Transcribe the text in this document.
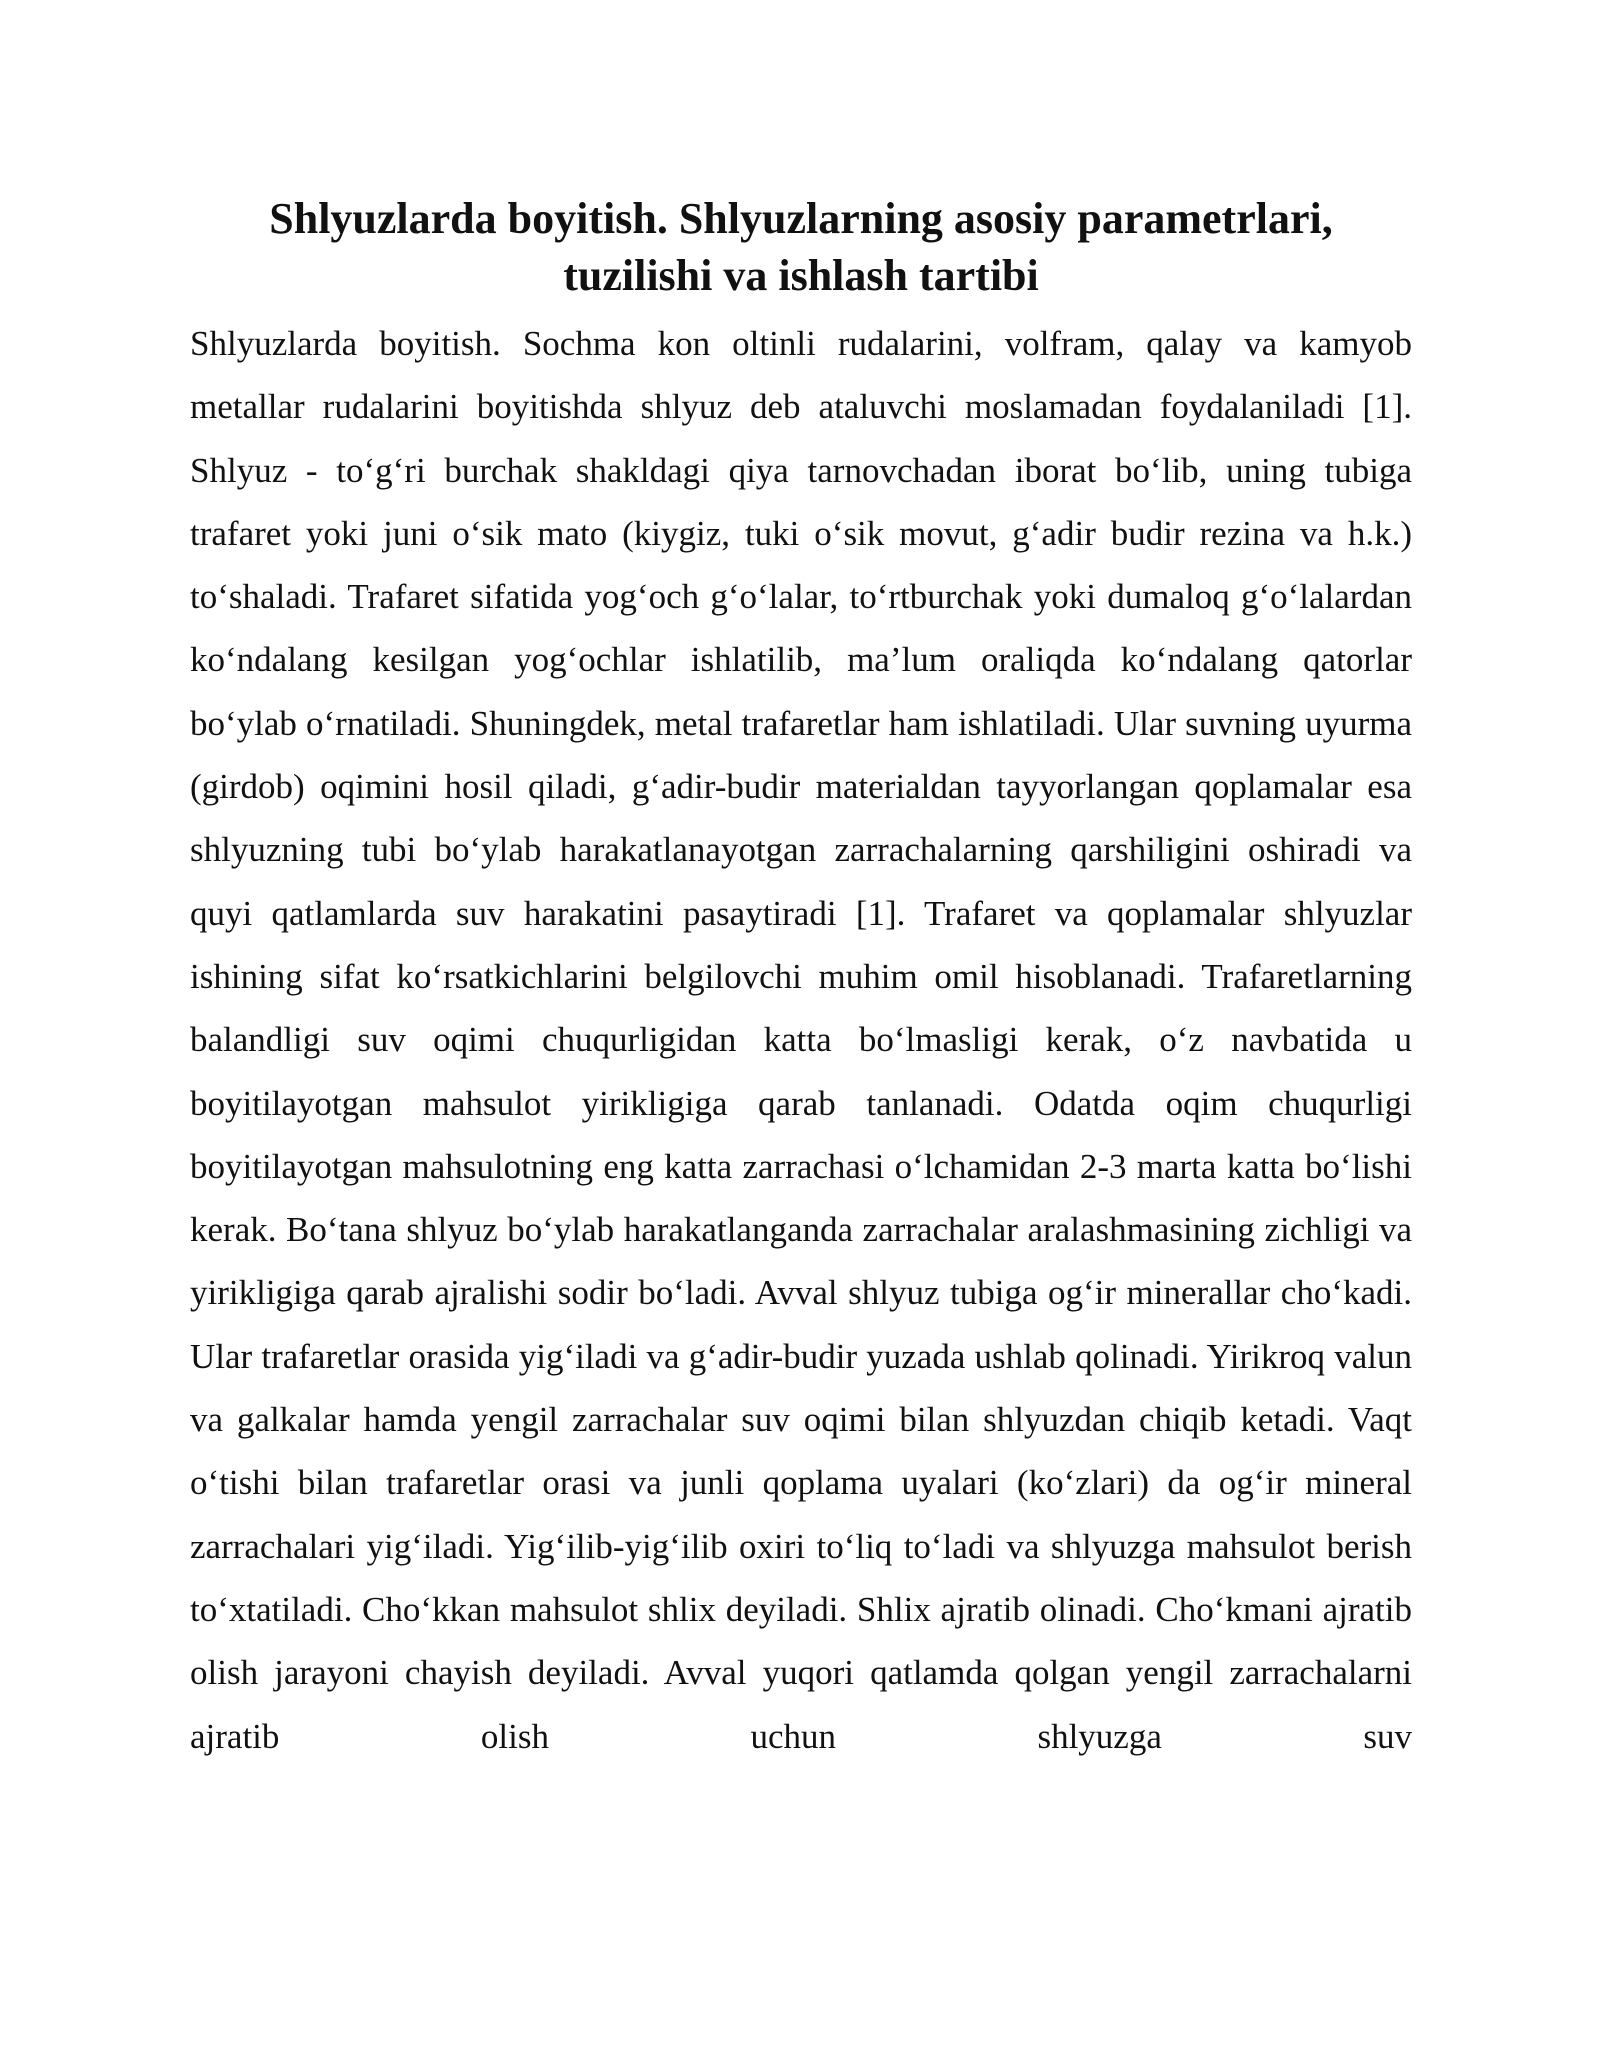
Shlyuzlarda boyitish. Shlyuzlarning asosiy parametrlari,
tuzilishi va ishlash tartibi

Shlyuzlarda boyitish. Sochma kon oltinli rudalarini, volfram, qalay va kamyob metallar rudalarini boyitishda shlyuz deb ataluvchi moslamadan foydalaniladi [1]. Shlyuz - to‘g‘ri burchak shakldagi qiya tarnovchadan iborat bo‘lib, uning tubiga trafaret yoki juni o‘sik mato (kiygiz, tuki o‘sik movut, g‘adir budir rezina va h.k.) to‘shaladi. Trafaret sifatida yog‘och g‘o‘lalar, to‘rtburchak yoki dumaloq g‘o‘lalardan ko‘ndalang kesilgan yog‘ochlar ishlatilib, ma’lum oraliqda ko‘ndalang qatorlar bo‘ylab o‘rnatiladi. Shuningdek, metal trafaretlar ham ishlatiladi. Ular suvning uyurma (girdob) oqimini hosil qiladi, g‘adir-budir materialdan tayyorlangan qoplamalar esa shlyuzning tubi bo‘ylab harakatlanayotgan zarrachalarning qarshiligini oshiradi va quyi qatlamlarda suv harakatini pasaytiradi [1]. Trafaret va qoplamalar shlyuzlar ishining sifat ko‘rsatkichlarini belgilovchi muhim omil hisoblanadi. Trafaretlarning balandligi suv oqimi chuqurligidan katta bo‘lmasligi kerak, o‘z navbatida u boyitilayotgan mahsulot yirikligiga qarab tanlanadi. Odatda oqim chuqurligi boyitilayotgan mahsulotning eng katta zarrachasi o‘lchamidan 2-3 marta katta bo‘lishi kerak. Bo‘tana shlyuz bo‘ylab harakatlanganda zarrachalar aralashmasining zichligi va yirikligiga qarab ajralishi sodir bo‘ladi. Avval shlyuz tubiga og‘ir minerallar cho‘kadi. Ular trafaretlar orasida yig‘iladi va g‘adir-budir yuzada ushlab qolinadi. Yirikroq valun va galkalar hamda yengil zarrachalar suv oqimi bilan shlyuzdan chiqib ketadi. Vaqt o‘tishi bilan trafaretlar orasi va junli qoplama uyalari (ko‘zlari) da og‘ir mineral zarrachalari yig‘iladi. Yig‘ilib-yig‘ilib oxiri to‘liq to‘ladi va shlyuzga mahsulot berish to‘xtatiladi. Cho‘kkan mahsulot shlix deyiladi. Shlix ajratib olinadi. Cho‘kmani ajratib olish jarayoni chayish deyiladi. Avval yuqori qatlamda qolgan yengil zarrachalarni ajratib olish uchun shlyuzga suv
